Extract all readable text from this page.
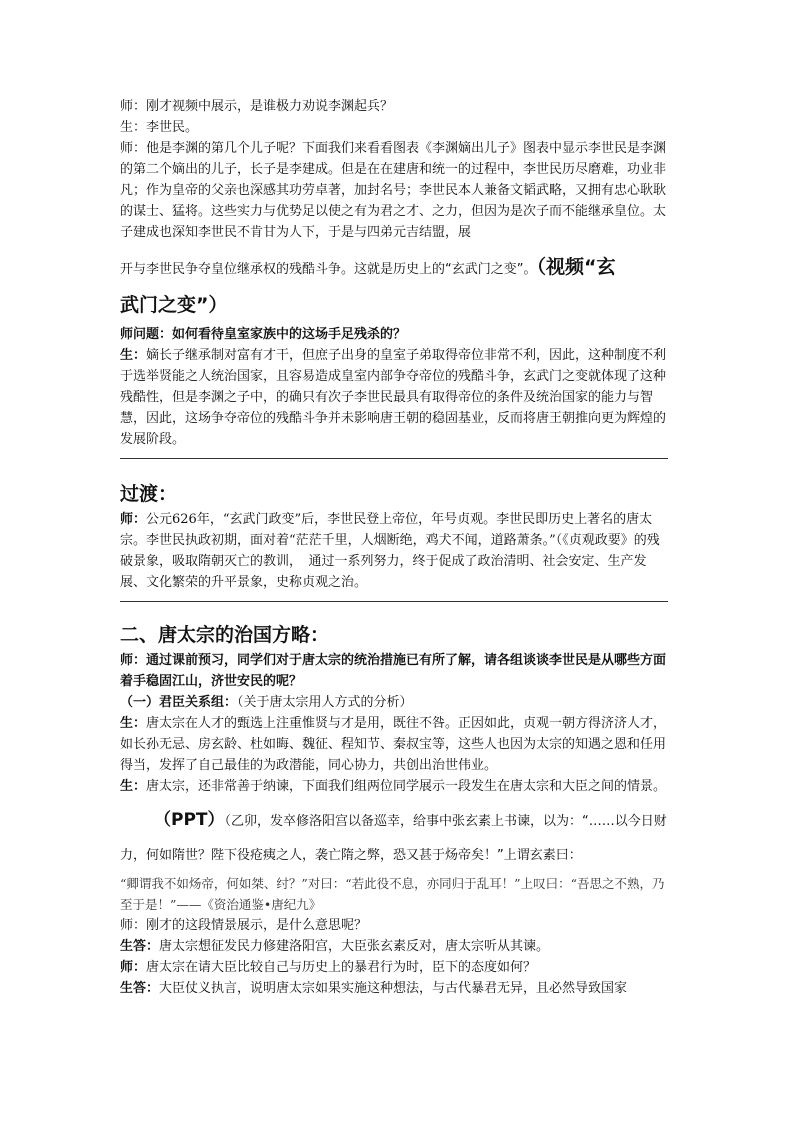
师：刚才视频中展示，是谁极力劝说李渊起兵？

生：李世民。

师：他是李渊的第几个儿子呢？下面我们来看看图表《李渊嫡出儿子》图表中显示李世民是李渊的第二个嫡出的儿子，长子是李建成。但是在在建唐和统一的过程中，李世民历尽磨难，功业非凡；作为皇帝的父亲也深感其功劳卓著，加封名号；李世民本人兼备文韬武略，又拥有忠心耿耿的谋士、猛将。这些实力与优势足以使之有为君之才、之力，但因为是次子而不能继承皇位。太子建成也深知李世民不肯甘为人下，于是与四弟元吉结盟，展

开与李世民争夺皇位继承权的残酷斗争。这就是历史上的“玄武门之变”。（视频“玄

武门之变”）

师问题：如何看待皇室家族中的这场手足残杀的？

生：嫡长子继承制对富有才干，但庶子出身的皇室子弟取得帝位非常不利，因此，这种制度不利于选举贤能之人统治国家，且容易造成皇室内部争夺帝位的残酷斗争，玄武门之变就体现了这种残酷性，但是李渊之子中，的确只有次子李世民最具有取得帝位的条件及统治国家的能力与智慧，因此，这场争夺帝位的残酷斗争并未影响唐王朝的稳固基业，反而将唐王朝推向更为辉煌的发展阶段。

过渡：

师：公元626年，“玄武门政变”后，李世民登上帝位，年号贞观。李世民即历史上著名的唐太宗。李世民执政初期，面对着“茫茫千里，人烟断绝，鸡犬不闻，道路萧条。”（《贞观政要》的残破景象，吸取隋朝灭亡的教训，　通过一系列努力，终于促成了政治清明、社会安定、生产发展、文化繁荣的升平景象，史称贞观之治。

二、唐太宗的治国方略：

师：通过课前预习，同学们对于唐太宗的统治措施已有所了解，请各组谈谈李世民是从哪些方面着手稳固江山，济世安民的呢？

（一）君臣关系组：（关于唐太宗用人方式的分析）

生：唐太宗在人才的甄选上注重惟贤与才是用，既往不咎。正因如此，贞观一朝方得济济人才，如长孙无忌、房玄龄、杜如晦、魏征、程知节、秦叔宝等，这些人也因为太宗的知遇之恩和任用得当，发挥了自己最佳的为政潜能，同心协力，共创出治世伟业。

生：唐太宗，还非常善于纳谏，下面我们组两位同学展示一段发生在唐太宗和大臣之间的情景。

（PPT）（乙卯，发卒修洛阳宫以备巡幸，给事中张玄素上书谏，以为：“……以今日财力，何如隋世？陛下役疮痍之人，袭亡隋之弊，恐又甚于炀帝矣！”上谓玄素曰：

“卿谓我不如炀帝，何如桀、纣？”对曰：“若此役不息，亦同归于乱耳！”上叹曰：“吾思之不熟，乃至于是！”——《资治通鉴•唐纪九》

师：刚才的这段情景展示，是什么意思呢？

生答：唐太宗想征发民力修建洛阳宫，大臣张玄素反对，唐太宗听从其谏。

师：唐太宗在请大臣比较自己与历史上的暴君行为时，臣下的态度如何？

生答：大臣仗义执言，说明唐太宗如果实施这种想法，与古代暴君无异，且必然导致国家
